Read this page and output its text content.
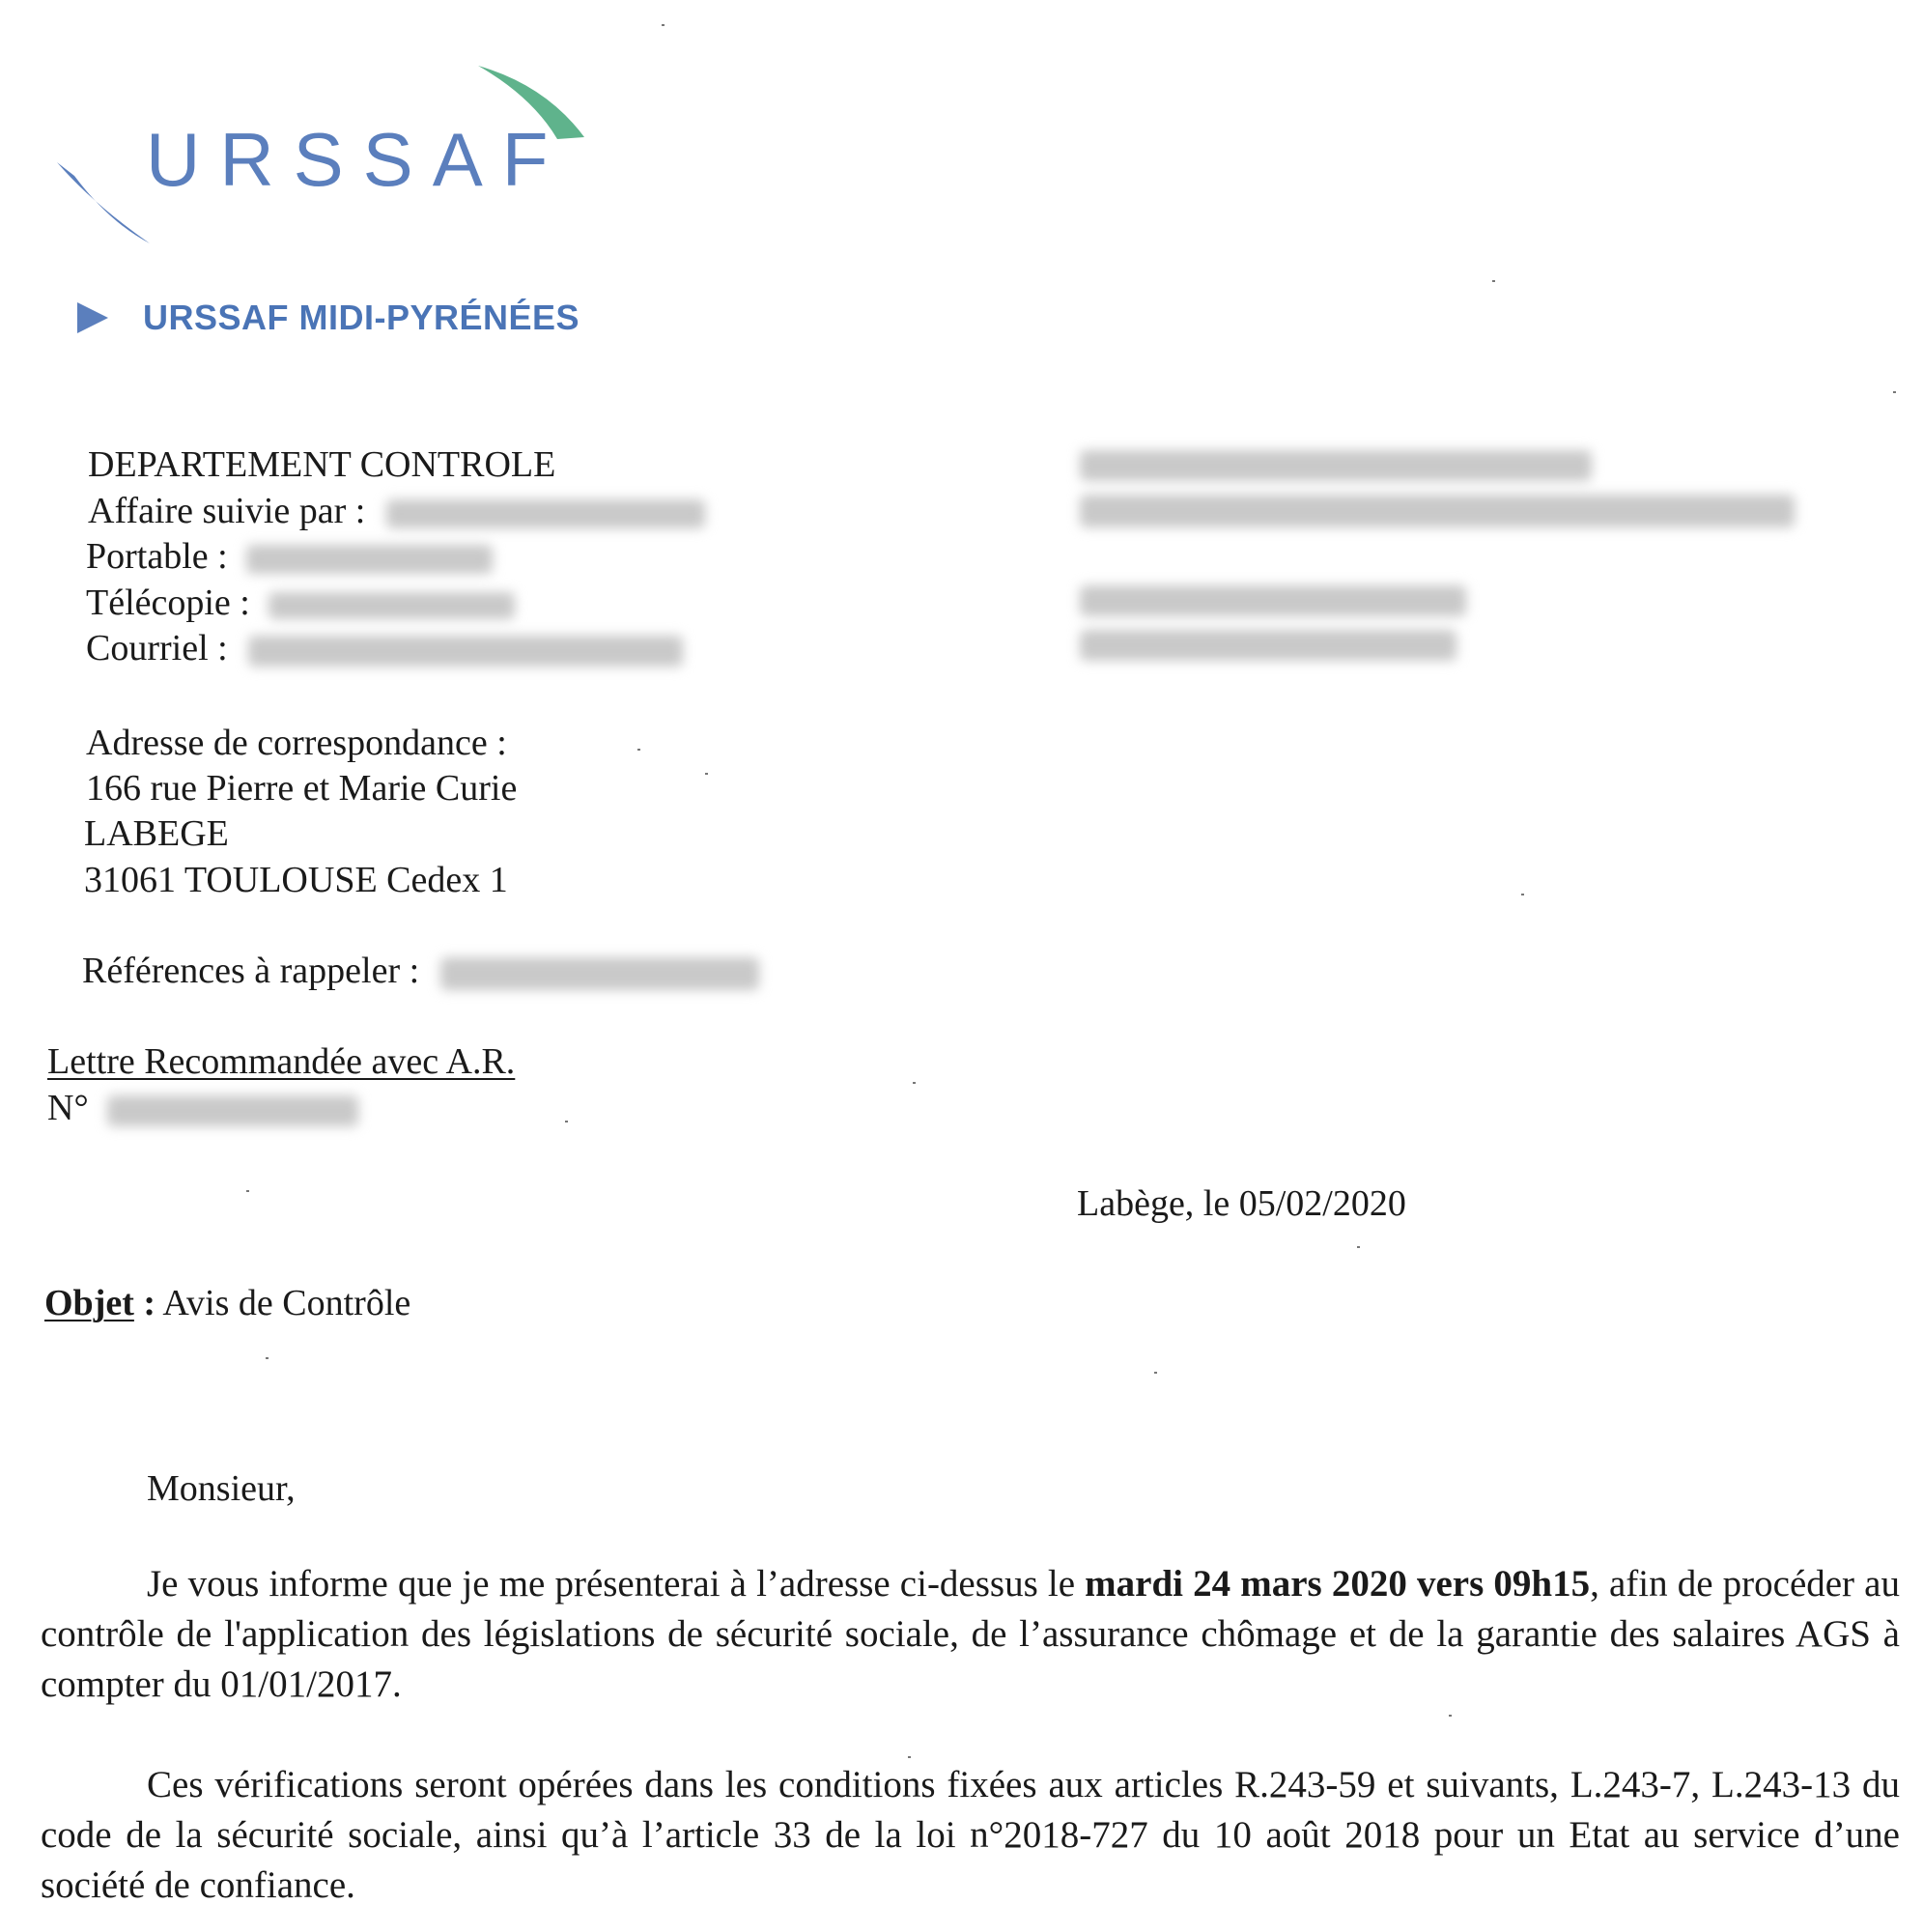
URSSAF
URSSAF MIDI-PYRÉNÉES
DEPARTEMENT CONTROLE
Affaire suivie par :
Portable :
Télécopie :
Courriel :
Adresse de correspondance :
166 rue Pierre et Marie Curie
LABEGE
31061 TOULOUSE Cedex 1
Références à rappeler :
Lettre Recommandée avec A.R.
N°
Labège, le 05/02/2020
Objet : Avis de Contrôle
Monsieur,

Je vous informe que je me présenterai à l’adresse ci-dessus le mardi 24 mars 2020 vers 09h15, afin de procéder au contrôle de l'application des législations de sécurité sociale, de l’assurance chômage et de la garantie des salaires AGS à compter du 01/01/2017.

Ces vérifications seront opérées dans les conditions fixées aux articles R.243-59 et suivants, L.243-7, L.243-13 du code de la sécurité sociale, ainsi qu’à l’article 33 de la loi n°2018-727 du 10 août 2018 pour un Etat au service d’une société de confiance.
